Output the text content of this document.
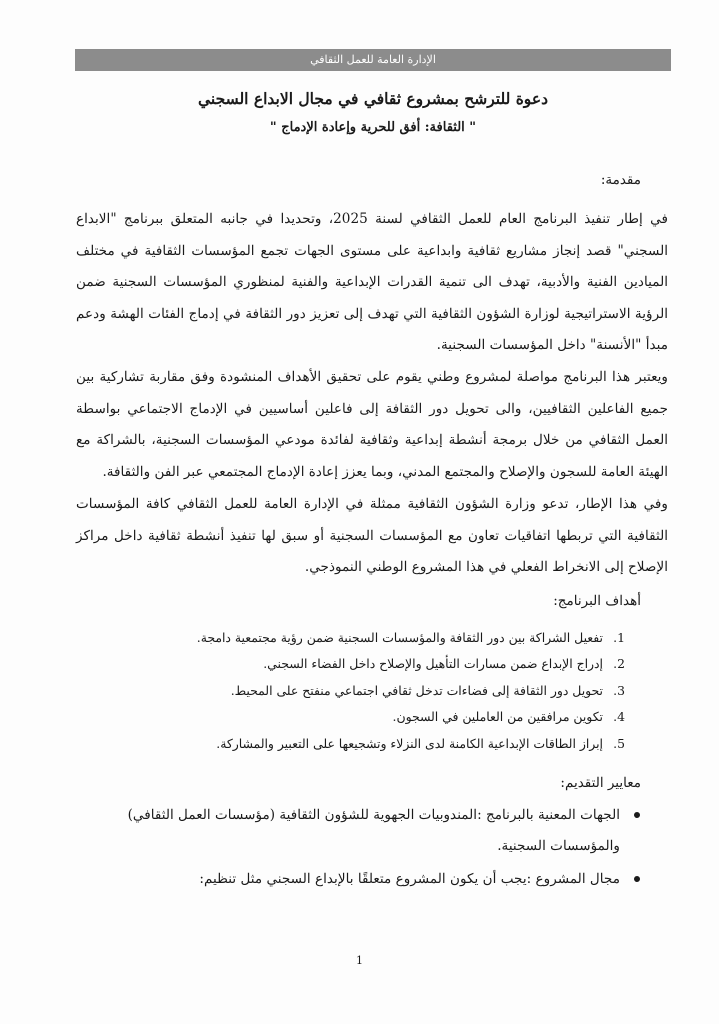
الإدارة العامة للعمل الثقافي
دعوة للترشح بمشروع ثقافي في مجال الابداع السجني
" الثقافة: أفق للحرية وإعادة الإدماج "
مقدمة:
في إطار تنفيذ البرنامج العام للعمل الثقافي لسنة 2025، وتحديدا في جانبه المتعلق ببرنامج "الابداع السجني" قصد إنجاز مشاريع ثقافية وابداعية على مستوى الجهات تجمع المؤسسات الثقافية في مختلف الميادين الفنية والأدبية، تهدف الى تنمية القدرات الإبداعية والفنية لمنظوري المؤسسات السجنية ضمن الرؤية الاستراتيجية لوزارة الشؤون الثقافية التي تهدف إلى تعزيز دور الثقافة في إدماج الفئات الهشة ودعم مبدأ "الأنسنة" داخل المؤسسات السجنية.
ويعتبر هذا البرنامج مواصلة لمشروع وطني يقوم على تحقيق الأهداف المنشودة وفق مقاربة تشاركية بين جميع الفاعلين الثقافيين، والى تحويل دور الثقافة إلى فاعلين أساسيين في الإدماج الاجتماعي بواسطة العمل الثقافي من خلال برمجة أنشطة إبداعية وثقافية لفائدة مودعي المؤسسات السجنية، بالشراكة مع الهيئة العامة للسجون والإصلاح والمجتمع المدني، وبما يعزز إعادة الإدماج المجتمعي عبر الفن والثقافة.
وفي هذا الإطار، تدعو وزارة الشؤون الثقافية ممثلة في الإدارة العامة للعمل الثقافي كافة المؤسسات الثقافية التي تربطها اتفاقيات تعاون مع المؤسسات السجنية أو سبق لها تنفيذ أنشطة ثقافية داخل مراكز الإصلاح إلى الانخراط الفعلي في هذا المشروع الوطني النموذجي.
أهداف البرنامج:
1.
تفعيل الشراكة بين دور الثقافة والمؤسسات السجنية ضمن رؤية مجتمعية دامجة.
2.
إدراج الإبداع ضمن مسارات التأهيل والإصلاح داخل الفضاء السجني.
3.
تحويل دور الثقافة إلى فضاءات تدخل ثقافي اجتماعي منفتح على المحيط.
4.
تكوين مرافقين من العاملين في السجون.
5.
إبراز الطاقات الإبداعية الكامنة لدى النزلاء وتشجيعها على التعبير والمشاركة.
معايير التقديم:
الجهات المعنية بالبرنامج :المندوبيات الجهوية للشؤون الثقافية (مؤسسات العمل الثقافي) والمؤسسات السجنية.
مجال المشروع :يجب أن يكون المشروع متعلقًا بالإبداع السجني مثل تنظيم:
1
